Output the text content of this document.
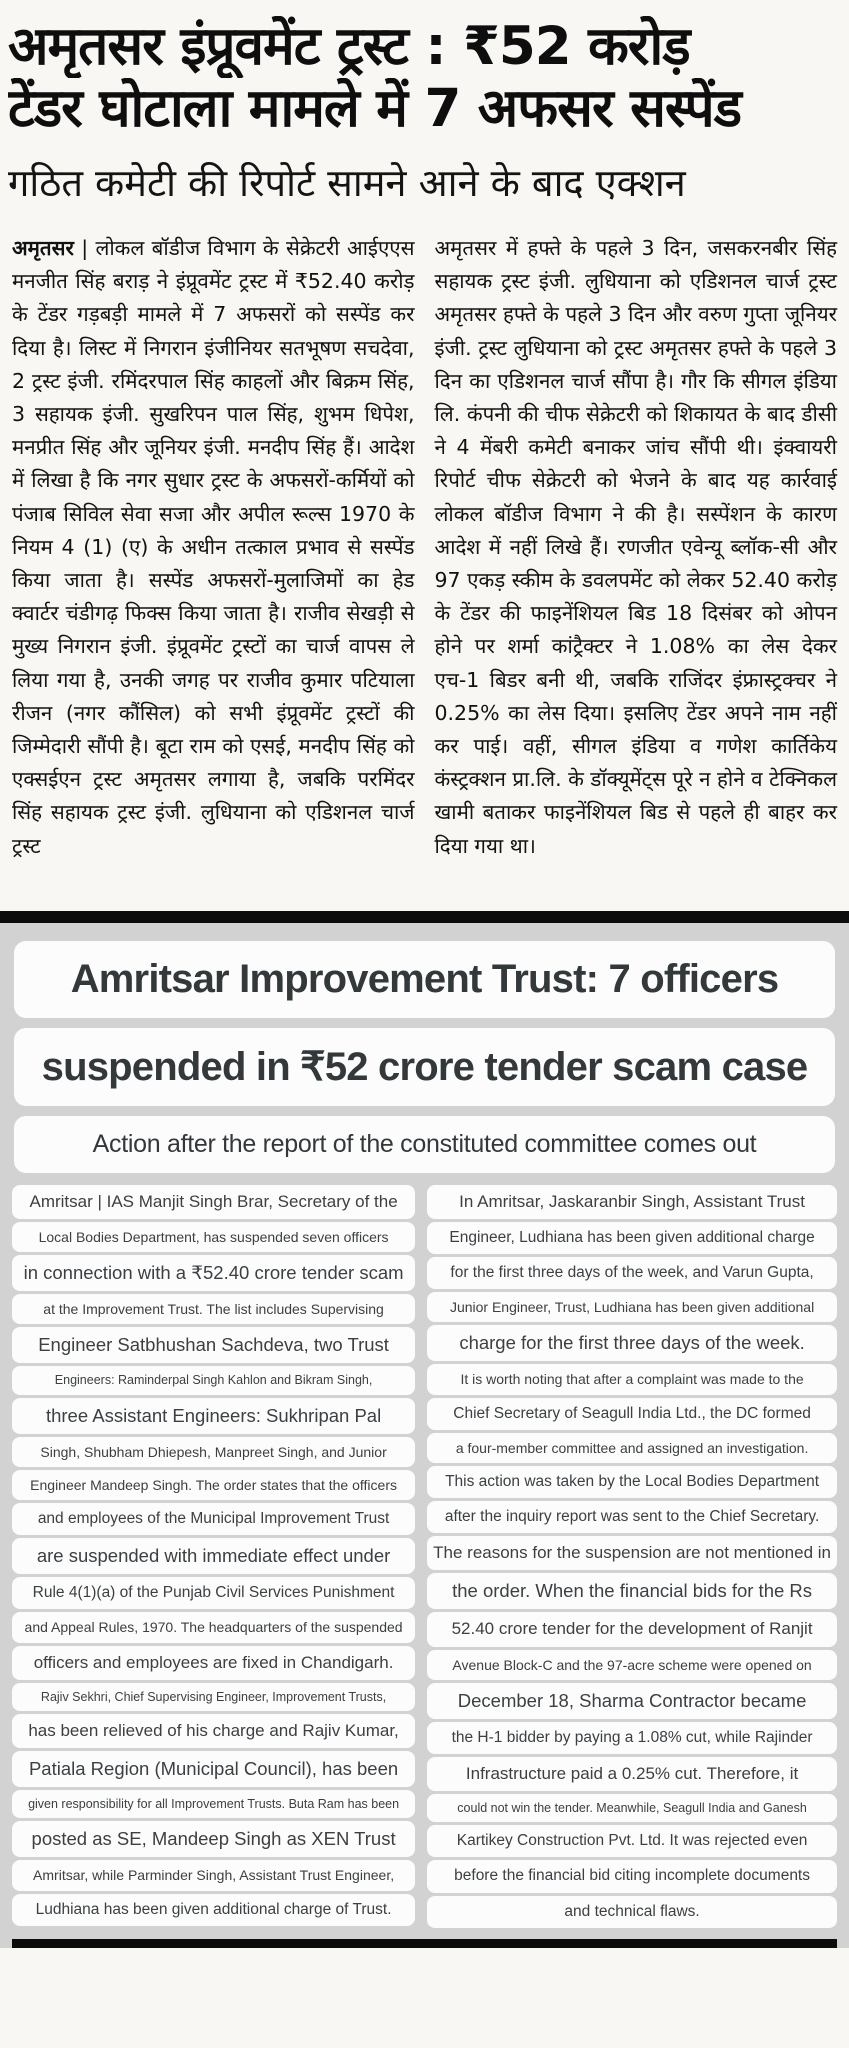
अमृतसर इंप्रूवमेंट ट्रस्ट : ₹52 करोड़
टेंडर घोटाला मामले में 7 अफसर सस्पेंड
गठित कमेटी की रिपोर्ट सामने आने के बाद एक्शन
अमृतसर | लोकल बॉडीज विभाग के सेक्रेटरी आईएएस मनजीत सिंह बराड़ ने इंप्रूवमेंट ट्रस्ट में ₹52.40 करोड़ के टेंडर गड़बड़ी मामले में 7 अफसरों को सस्पेंड कर दिया है। लिस्ट में निगरान इंजीनियर सतभूषण सचदेवा, 2 ट्रस्ट इंजी. रमिंदरपाल सिंह काहलों और बिक्रम सिंह, 3 सहायक इंजी. सुखरिपन पाल सिंह, शुभम धिपेश, मनप्रीत सिंह और जूनियर इंजी. मनदीप सिंह हैं। आदेश में लिखा है कि नगर सुधार ट्रस्ट के अफसरों-कर्मियों को पंजाब सिविल सेवा सजा और अपील रूल्स 1970 के नियम 4 (1) (ए) के अधीन तत्काल प्रभाव से सस्पेंड किया जाता है। सस्पेंड अफसरों-मुलाजिमों का हेड क्वार्टर चंडीगढ़ फिक्स किया जाता है। राजीव सेखड़ी से मुख्य निगरान इंजी. इंप्रूवमेंट ट्रस्टों का चार्ज वापस ले लिया गया है, उनकी जगह पर राजीव कुमार पटियाला रीजन (नगर कौंसिल) को सभी इंप्रूवमेंट ट्रस्टों की जिम्मेदारी सौंपी है। बूटा राम को एसई, मनदीप सिंह को एक्सईएन ट्रस्ट अमृतसर लगाया है, जबकि परमिंदर सिंह सहायक ट्रस्ट इंजी. लुधियाना को एडिशनल चार्ज ट्रस्ट
अमृतसर में हफ्ते के पहले 3 दिन, जसकरनबीर सिंह सहायक ट्रस्ट इंजी. लुधियाना को एडिशनल चार्ज ट्रस्ट अमृतसर हफ्ते के पहले 3 दिन और वरुण गुप्ता जूनियर इंजी. ट्रस्ट लुधियाना को ट्रस्ट अमृतसर हफ्ते के पहले 3 दिन का एडिशनल चार्ज सौंपा है। गौर कि सीगल इंडिया लि. कंपनी की चीफ सेक्रेटरी को शिकायत के बाद डीसी ने 4 मेंबरी कमेटी बनाकर जांच सौंपी थी। इंक्वायरी रिपोर्ट चीफ सेक्रेटरी को भेजने के बाद यह कार्रवाई लोकल बॉडीज विभाग ने की है। सस्पेंशन के कारण आदेश में नहीं लिखे हैं। रणजीत एवेन्यू ब्लॉक-सी और 97 एकड़ स्कीम के डवलपमेंट को लेकर 52.40 करोड़ के टेंडर की फाइनेंशियल बिड 18 दिसंबर को ओपन होने पर शर्मा कांट्रैक्टर ने 1.08% का लेस देकर एच-1 बिडर बनी थी, जबकि राजिंदर इंफ्रास्ट्रक्चर ने 0.25% का लेस दिया। इसलिए टेंडर अपने नाम नहीं कर पाई। वहीं, सीगल इंडिया व गणेश कार्तिकेय कंस्ट्रक्शन प्रा.लि. के डॉक्यूमेंट्स पूरे न होने व टेक्निकल खामी बताकर फाइनेंशियल बिड से पहले ही बाहर कर दिया गया था।
Amritsar Improvement Trust: 7 officers
suspended in ₹52 crore tender scam case
Action after the report of the constituted committee comes out
Amritsar | IAS Manjit Singh Brar, Secretary of the
Local Bodies Department, has suspended seven officers
in connection with a ₹52.40 crore tender scam
at the Improvement Trust. The list includes Supervising
Engineer Satbhushan Sachdeva, two Trust
Engineers: Raminderpal Singh Kahlon and Bikram Singh,
three Assistant Engineers: Sukhripan Pal
Singh, Shubham Dhiepesh, Manpreet Singh, and Junior
Engineer Mandeep Singh. The order states that the officers
and employees of the Municipal Improvement Trust
are suspended with immediate effect under
Rule 4(1)(a) of the Punjab Civil Services Punishment
and Appeal Rules, 1970. The headquarters of the suspended
officers and employees are fixed in Chandigarh.
Rajiv Sekhri, Chief Supervising Engineer, Improvement Trusts,
has been relieved of his charge and Rajiv Kumar,
Patiala Region (Municipal Council), has been
given responsibility for all Improvement Trusts. Buta Ram has been
posted as SE, Mandeep Singh as XEN Trust
Amritsar, while Parminder Singh, Assistant Trust Engineer,
Ludhiana has been given additional charge of Trust.
In Amritsar, Jaskaranbir Singh, Assistant Trust
Engineer, Ludhiana has been given additional charge
for the first three days of the week, and Varun Gupta,
Junior Engineer, Trust, Ludhiana has been given additional
charge for the first three days of the week.
It is worth noting that after a complaint was made to the
Chief Secretary of Seagull India Ltd., the DC formed
a four-member committee and assigned an investigation.
This action was taken by the Local Bodies Department
after the inquiry report was sent to the Chief Secretary.
The reasons for the suspension are not mentioned in
the order. When the financial bids for the Rs
52.40 crore tender for the development of Ranjit
Avenue Block-C and the 97-acre scheme were opened on
December 18, Sharma Contractor became
the H-1 bidder by paying a 1.08% cut, while Rajinder
Infrastructure paid a 0.25% cut. Therefore, it
could not win the tender. Meanwhile, Seagull India and Ganesh
Kartikey Construction Pvt. Ltd. It was rejected even
before the financial bid citing incomplete documents
and technical flaws.
